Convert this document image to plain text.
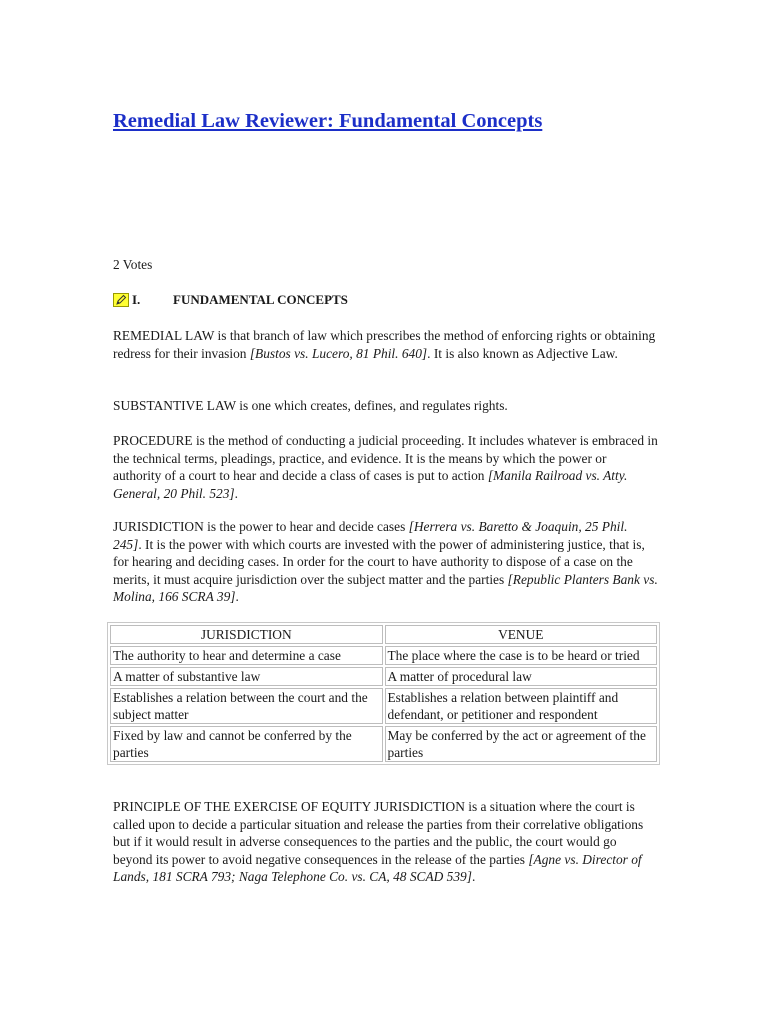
Remedial Law Reviewer: Fundamental Concepts
2 Votes
I.	FUNDAMENTAL CONCEPTS

REMEDIAL LAW is that branch of law which prescribes the method of enforcing rights or obtaining redress for their invasion [Bustos vs. Lucero, 81 Phil. 640]. It is also known as Adjective Law.

SUBSTANTIVE LAW is one which creates, defines, and regulates rights.

PROCEDURE is the method of conducting a judicial proceeding. It includes whatever is embraced in the technical terms, pleadings, practice, and evidence. It is the means by which the power or authority of a court to hear and decide a class of cases is put to action [Manila Railroad vs. Atty. General, 20 Phil. 523].

JURISDICTION is the power to hear and decide cases [Herrera vs. Baretto & Joaquin, 25 Phil. 245]. It is the power with which courts are invested with the power of administering justice, that is, for hearing and deciding cases. In order for the court to have authority to dispose of a case on the merits, it must acquire jurisdiction over the subject matter and the parties [Republic Planters Bank vs. Molina, 166 SCRA 39].

JURISDICTION	VENUE
The authority to hear and determine a case	The place where the case is to be heard or tried
A matter of substantive law	A matter of procedural law
Establishes a relation between the court and the subject matter	Establishes a relation between plaintiff and defendant, or petitioner and respondent
Fixed by law and cannot be conferred by the parties	May be conferred by the act or agreement of the parties

PRINCIPLE OF THE EXERCISE OF EQUITY JURISDICTION is a situation where the court is called upon to decide a particular situation and release the parties from their correlative obligations but if it would result in adverse consequences to the parties and the public, the court would go beyond its power to avoid negative consequences in the release of the parties [Agne vs. Director of Lands, 181 SCRA 793; Naga Telephone Co. vs. CA, 48 SCAD 539].
